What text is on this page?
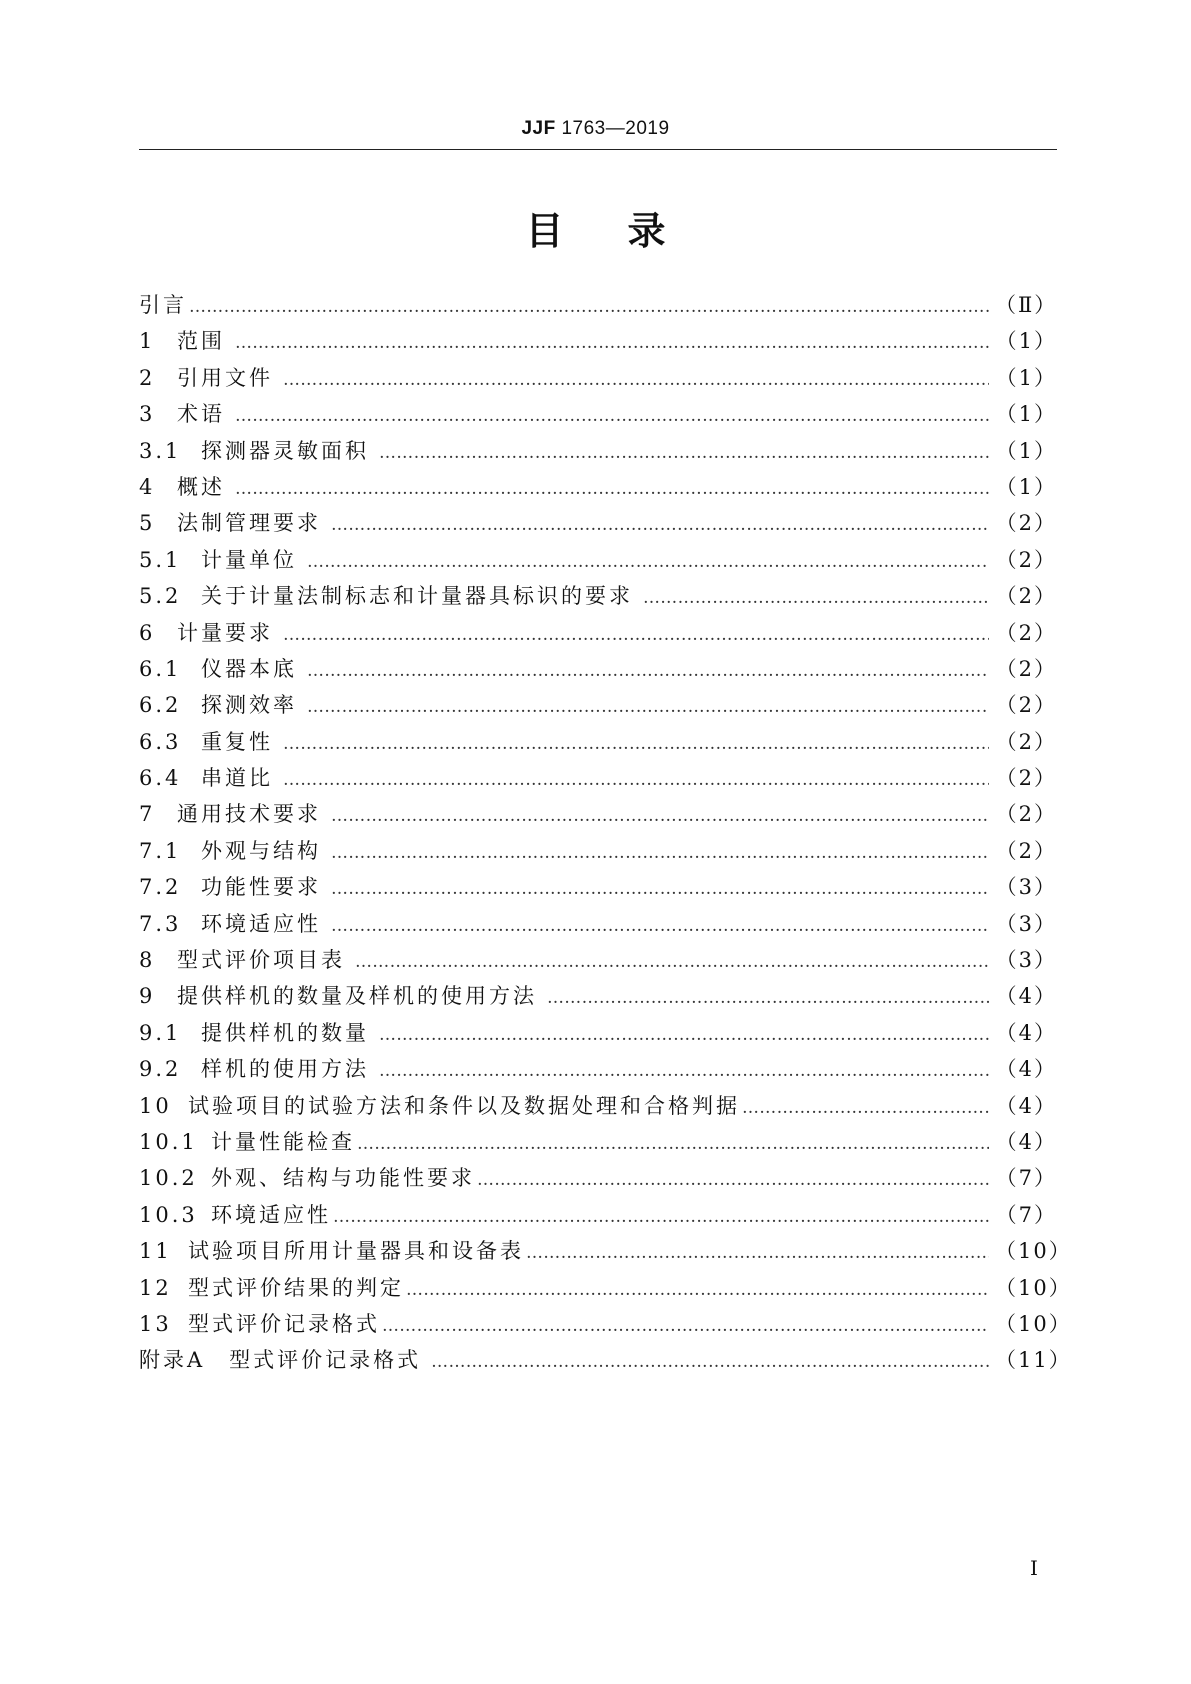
JJF 1763—2019
目录
引言 …………………………………………………………………………………………………………………………………………………………………………………………………………	（Ⅱ）
1	范围 …………………………………………………………………………………………………………………………………………………………………………………………………………	（1）
2	引用文件 …………………………………………………………………………………………………………………………………………………………………………………………………………	（1）
3	术语 …………………………………………………………………………………………………………………………………………………………………………………………………………	（1）
3.1 探测器灵敏面积 …………………………………………………………………………………………………………………………………………………………………………………………………………	（1）
4	概述 …………………………………………………………………………………………………………………………………………………………………………………………………………	（1）
5	法制管理要求 …………………………………………………………………………………………………………………………………………………………………………………………………………	（2）
5.1 计量单位 …………………………………………………………………………………………………………………………………………………………………………………………………………	（2）
5.2 关于计量法制标志和计量器具标识的要求 …………………………………………………………………………………………………………………………………………………………………………………………………………	（2）
6	计量要求 …………………………………………………………………………………………………………………………………………………………………………………………………………	（2）
6.1 仪器本底 …………………………………………………………………………………………………………………………………………………………………………………………………………	（2）
6.2 探测效率 …………………………………………………………………………………………………………………………………………………………………………………………………………	（2）
6.3 重复性 …………………………………………………………………………………………………………………………………………………………………………………………………………	（2）
6.4 串道比 …………………………………………………………………………………………………………………………………………………………………………………………………………	（2）
7	通用技术要求 …………………………………………………………………………………………………………………………………………………………………………………………………………	（2）
7.1 外观与结构 …………………………………………………………………………………………………………………………………………………………………………………………………………	（2）
7.2 功能性要求 …………………………………………………………………………………………………………………………………………………………………………………………………………	（3）
7.3 环境适应性 …………………………………………………………………………………………………………………………………………………………………………………………………………	（3）
8	型式评价项目表 …………………………………………………………………………………………………………………………………………………………………………………………………………	（3）
9	提供样机的数量及样机的使用方法 …………………………………………………………………………………………………………………………………………………………………………………………………………	（4）
9.1 提供样机的数量 …………………………………………………………………………………………………………………………………………………………………………………………………………	（4）
9.2 样机的使用方法 …………………………………………………………………………………………………………………………………………………………………………………………………………	（4）
10 试验项目的试验方法和条件以及数据处理和合格判据 …………………………………………………………………………………………………………………………………………………………………………………………………………	（4）
10.1 计量性能检查 …………………………………………………………………………………………………………………………………………………………………………………………………………	（4）
10.2 外观、结构与功能性要求 …………………………………………………………………………………………………………………………………………………………………………………………………………	（7）
10.3 环境适应性 …………………………………………………………………………………………………………………………………………………………………………………………………………	（7）
11 试验项目所用计量器具和设备表 …………………………………………………………………………………………………………………………………………………………………………………………………………	（10）
12 型式评价结果的判定 …………………………………………………………………………………………………………………………………………………………………………………………………………	（10）
13 型式评价记录格式 …………………………………………………………………………………………………………………………………………………………………………………………………………	（10）
附录A　型式评价记录格式 …………………………………………………………………………………………………………………………………………………………………………………………………………	（11）
I
